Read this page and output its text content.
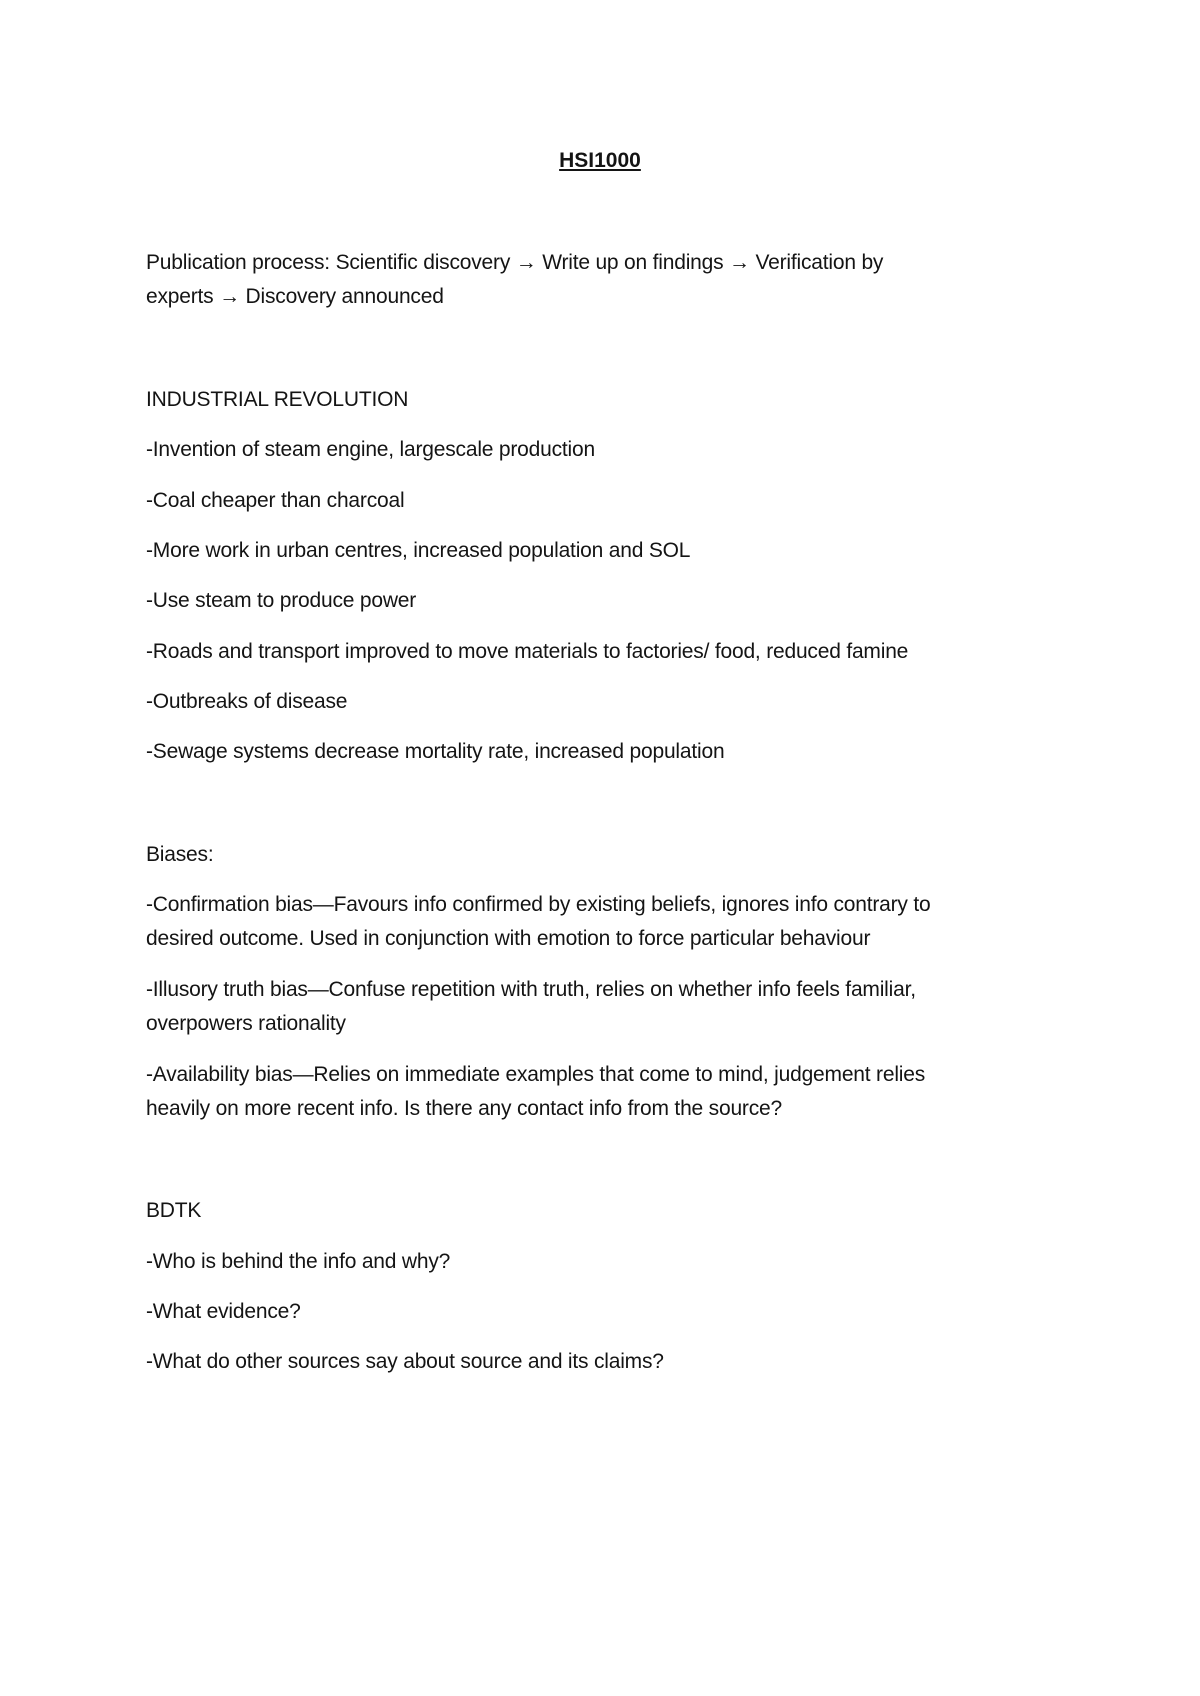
HSI1000
Publication process: Scientific discovery → Write up on findings → Verification by
experts → Discovery announced
INDUSTRIAL REVOLUTION
-Invention of steam engine, largescale production
-Coal cheaper than charcoal
-More work in urban centres, increased population and SOL
-Use steam to produce power
-Roads and transport improved to move materials to factories/ food, reduced famine
-Outbreaks of disease
-Sewage systems decrease mortality rate, increased population
Biases:
-Confirmation bias—Favours info confirmed by existing beliefs, ignores info contrary to
desired outcome. Used in conjunction with emotion to force particular behaviour
-Illusory truth bias—Confuse repetition with truth, relies on whether info feels familiar,
overpowers rationality
-Availability bias—Relies on immediate examples that come to mind, judgement relies
heavily on more recent info. Is there any contact info from the source?
BDTK
-Who is behind the info and why?
-What evidence?
-What do other sources say about source and its claims?
